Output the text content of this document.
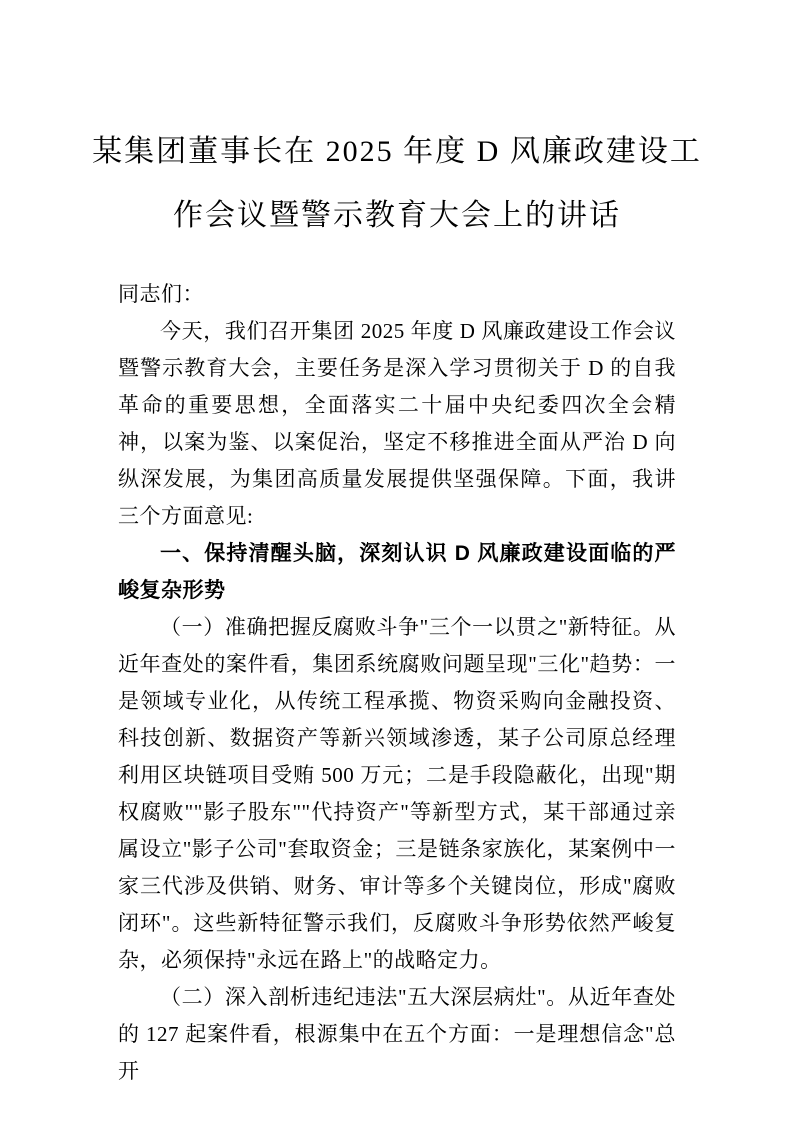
某集团董事长在 2025 年度 D 风廉政建设工
作会议暨警示教育大会上的讲话

同志们：

今天，我们召开集团 2025 年度 D 风廉政建设工作会议暨警示教育大会，主要任务是深入学习贯彻关于 D 的自我革命的重要思想，全面落实二十届中央纪委四次全会精神，以案为鉴、以案促治，坚定不移推进全面从严治 D 向纵深发展，为集团高质量发展提供坚强保障。下面，我讲三个方面意见:

一、保持清醒头脑，深刻认识 D 风廉政建设面临的严峻复杂形势

（一）准确把握反腐败斗争"三个一以贯之"新特征。从近年查处的案件看，集团系统腐败问题呈现"三化"趋势：一是领域专业化，从传统工程承揽、物资采购向金融投资、科技创新、数据资产等新兴领域渗透，某子公司原总经理利用区块链项目受贿 500 万元；二是手段隐蔽化，出现"期权腐败""影子股东""代持资产"等新型方式，某干部通过亲属设立"影子公司"套取资金；三是链条家族化，某案例中一家三代涉及供销、财务、审计等多个关键岗位，形成"腐败闭环"。这些新特征警示我们，反腐败斗争形势依然严峻复杂，必须保持"永远在路上"的战略定力。

（二）深入剖析违纪违法"五大深层病灶"。从近年查处的 127 起案件看，根源集中在五个方面：一是理想信念"总开
